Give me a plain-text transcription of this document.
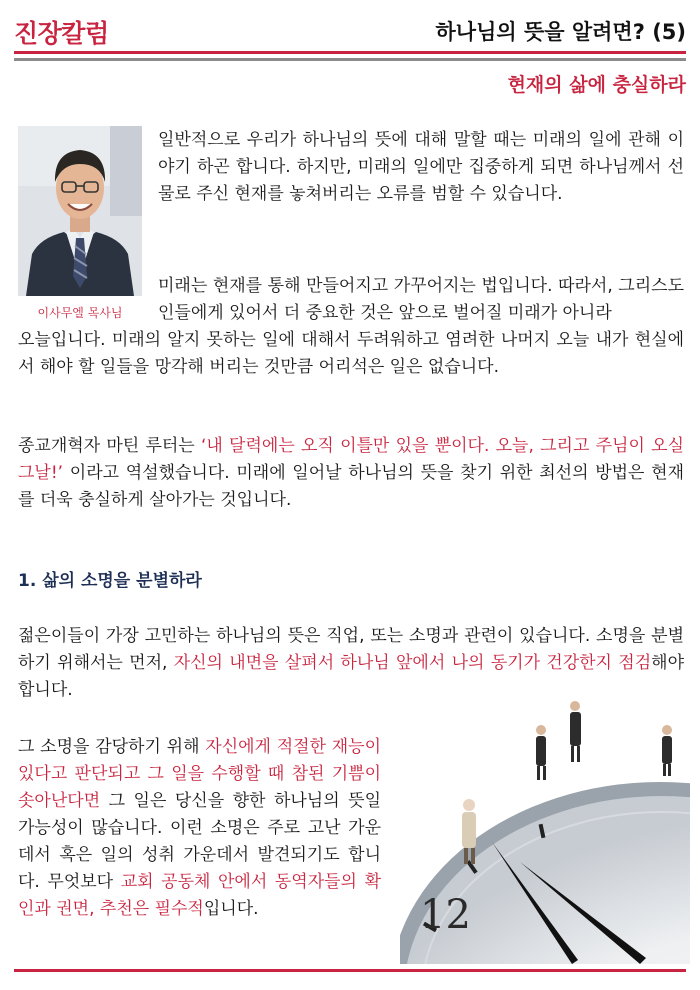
진장칼럼	하나님의 뜻을 알려면? (5)
현재의 삶에 충실하라
이사무엘 목사님

일반적으로 우리가 하나님의 뜻에 대해 말할 때는 미래의 일에 관해 이야기 하곤 합니다. 하지만, 미래의 일에만 집중하게 되면 하나님께서 선물로 주신 현재를 놓쳐버리는 오류를 범할 수 있습니다.

미래는 현재를 통해 만들어지고 가꾸어지는 법입니다. 따라서, 그리스도인들에게 있어서 더 중요한 것은 앞으로 벌어질 미래가 아니라

오늘입니다. 미래의 알지 못하는 일에 대해서 두려워하고 염려한 나머지 오늘 내가 현실에서 해야 할 일들을 망각해 버리는 것만큼 어리석은 일은 없습니다.

종교개혁자 마틴 루터는 ‘내 달력에는 오직 이틀만 있을 뿐이다. 오늘, 그리고 주님이 오실 그날!’ 이라고 역설했습니다. 미래에 일어날 하나님의 뜻을 찾기 위한 최선의 방법은 현재를 더욱 충실하게 살아가는 것입니다.

1. 삶의 소명을 분별하라

젊은이들이 가장 고민하는 하나님의 뜻은 직업, 또는 소명과 관련이 있습니다. 소명을 분별하기 위해서는 먼저, 자신의 내면을 살펴서 하나님 앞에서 나의 동기가 건강한지 점검해야 합니다.

그 소명을 감당하기 위해 자신에게 적절한 재능이 있다고 판단되고 그 일을 수행할 때 참된 기쁨이 솟아난다면 그 일은 당신을 향한 하나님의 뜻일 가능성이 많습니다. 이런 소명은 주로 고난 가운데서 혹은 일의 성취 가운데서 발견되기도 합니다. 무엇보다 교회 공동체 안에서 동역자들의 확인과 권면, 추천은 필수적입니다.	12
